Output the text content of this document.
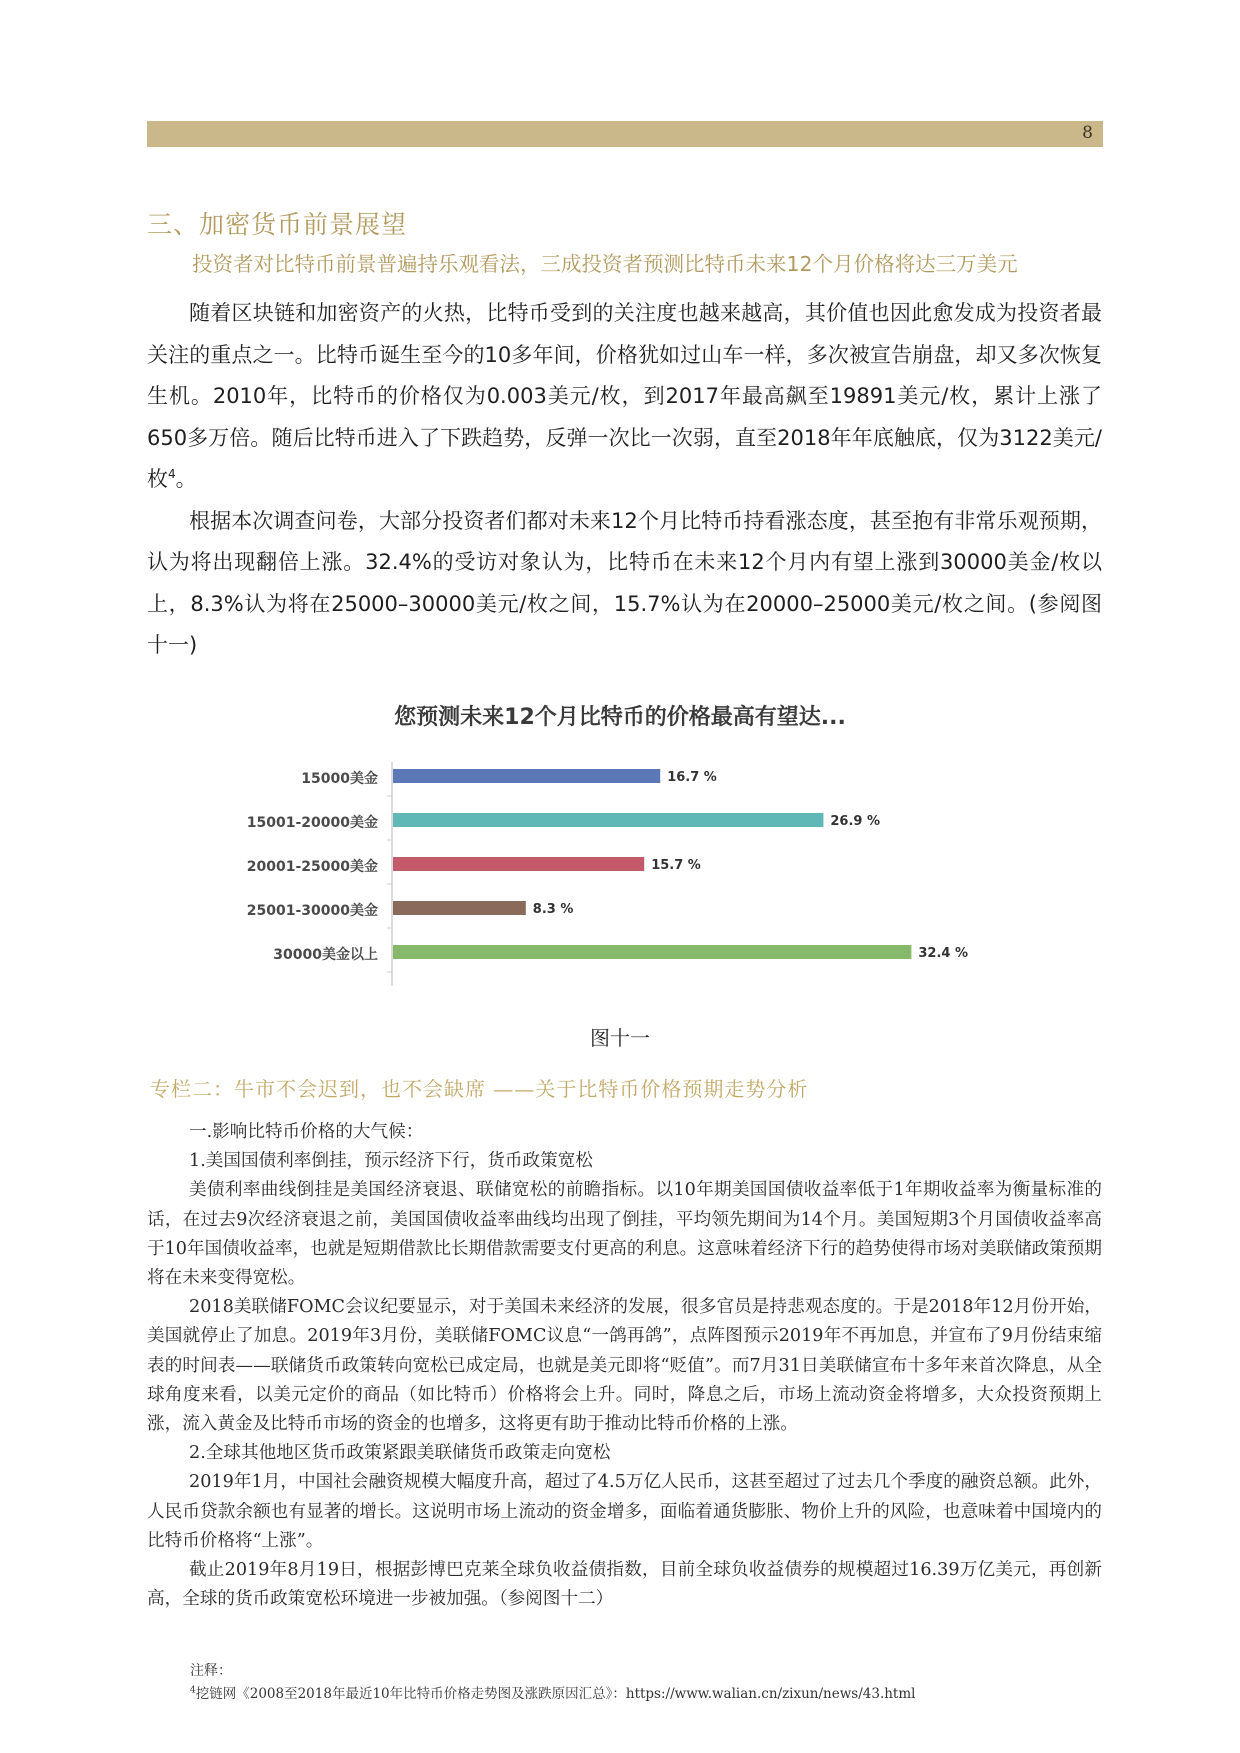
8
三、加密货币前景展望
投资者对比特币前景普遍持乐观看法，三成投资者预测比特币未来12个月价格将达三万美元

随着区块链和加密资产的火热，比特币受到的关注度也越来越高，其价值也因此愈发成为投资者最关注的重点之一。比特币诞生至今的10多年间，价格犹如过山车一样，多次被宣告崩盘，却又多次恢复生机。2010年，比特币的价格仅为0.003美元/枚，到2017年最高飙至19891美元/枚，累计上涨了650多万倍。随后比特币进入了下跌趋势，反弹一次比一次弱，直至2018年年底触底，仅为3122美元/枚$^4$。

根据本次调查问卷，大部分投资者们都对未来12个月比特币持看涨态度，甚至抱有非常乐观预期，认为将出现翻倍上涨。32.4%的受访对象认为，比特币在未来12个月内有望上涨到30000美金/枚以上，8.3%认为将在25000–30000美元/枚之间，15.7%认为在20000–25000美元/枚之间。(参阅图十一)

您预测未来12个月比特币的价格最高有望达...
15000美金	16.7 %
15001-20000美金	26.9 %
20001-25000美金	15.7 %
25001-30000美金	8.3 %
30000美金以上	32.4 %
图十一
专栏二：牛市不会迟到，也不会缺席 ——关于比特币价格预期走势分析

一.影响比特币价格的大气候：

1.美国国债利率倒挂，预示经济下行，货币政策宽松

美债利率曲线倒挂是美国经济衰退、联储宽松的前瞻指标。以10年期美国国债收益率低于1年期收益率为衡量标准的话，在过去9次经济衰退之前，美国国债收益率曲线均出现了倒挂，平均领先期间为14个月。美国短期3个月国债收益率高于10年国债收益率，也就是短期借款比长期借款需要支付更高的利息。这意味着经济下行的趋势使得市场对美联储政策预期将在未来变得宽松。

2018美联储FOMC会议纪要显示，对于美国未来经济的发展，很多官员是持悲观态度的。于是2018年12月份开始，美国就停止了加息。2019年3月份，美联储FOMC议息“一鸽再鸽”，点阵图预示2019年不再加息，并宣布了9月份结束缩表的时间表——联储货币政策转向宽松已成定局，也就是美元即将“贬值”。而7月31日美联储宣布十多年来首次降息，从全球角度来看，以美元定价的商品（如比特币）价格将会上升。同时，降息之后，市场上流动资金将增多，大众投资预期上涨，流入黄金及比特币市场的资金的也增多，这将更有助于推动比特币价格的上涨。

2.全球其他地区货币政策紧跟美联储货币政策走向宽松

2019年1月，中国社会融资规模大幅度升高，超过了4.5万亿人民币，这甚至超过了过去几个季度的融资总额。此外，人民币贷款余额也有显著的增长。这说明市场上流动的资金增多，面临着通货膨胀、物价上升的风险，也意味着中国境内的比特币价格将“上涨”。

截止2019年8月19日，根据彭博巴克莱全球负收益债指数，目前全球负收益债券的规模超过16.39万亿美元，再创新高，全球的货币政策宽松环境进一步被加强。（参阅图十二）

注释：
$^4$挖链网《2008至2018年最近10年比特币价格走势图及涨跌原因汇总》：https://www.walian.cn/zixun/news/43.html
